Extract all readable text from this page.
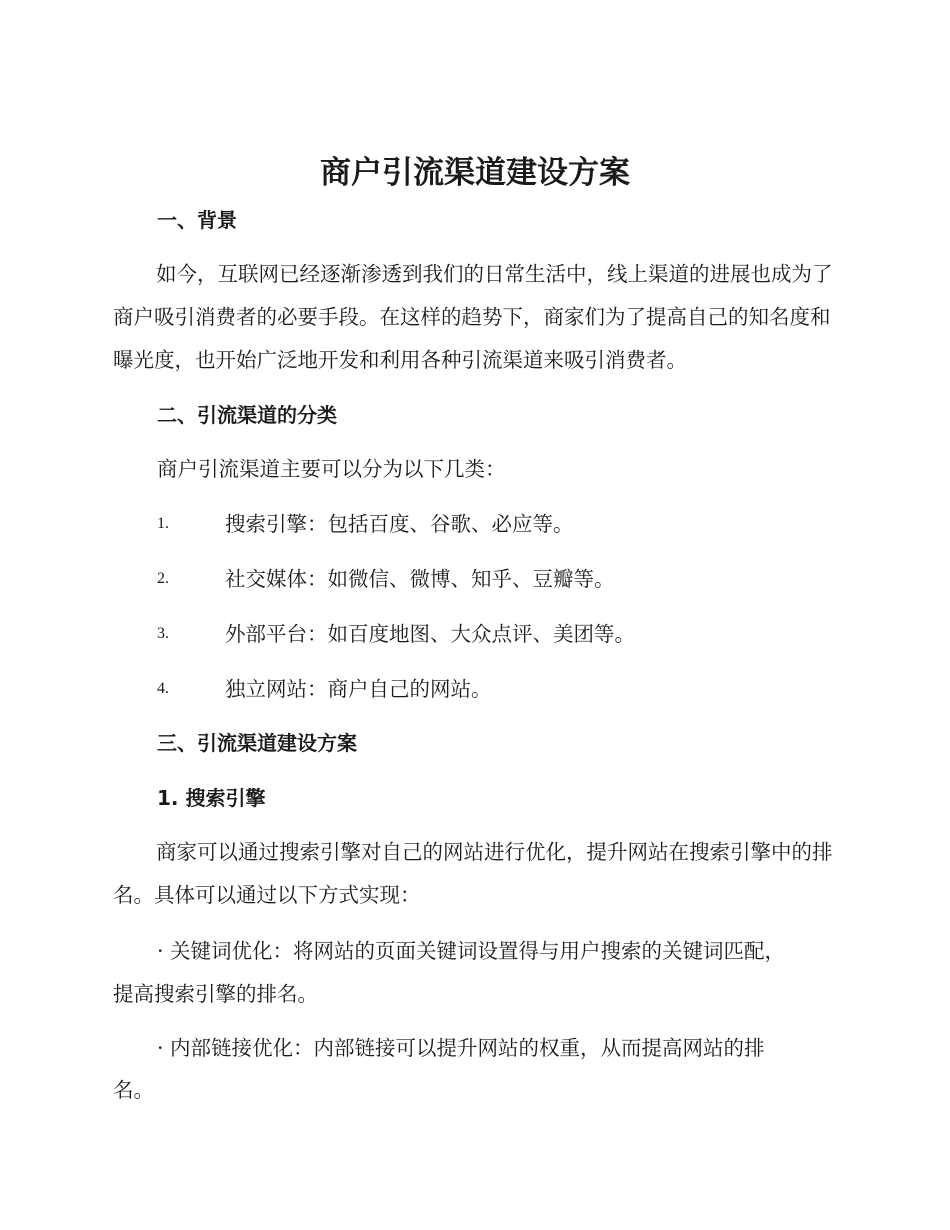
商户引流渠道建设方案
一、背景

如今，互联网已经逐渐渗透到我们的日常生活中，线上渠道的进展也成为了商户吸引消费者的必要手段。在这样的趋势下，商家们为了提高自己的知名度和曝光度，也开始广泛地开发和利用各种引流渠道来吸引消费者。

二、引流渠道的分类

商户引流渠道主要可以分为以下几类：

1.	搜索引擎：包括百度、谷歌、必应等。
2.	社交媒体：如微信、微博、知乎、豆瓣等。
3.	外部平台：如百度地图、大众点评、美团等。
4.	独立网站：商户自己的网站。
三、引流渠道建设方案
1. 搜索引擎

商家可以通过搜索引擎对自己的网站进行优化，提升网站在搜索引擎中的排名。具体可以通过以下方式实现：

· 关键词优化：将网站的页面关键词设置得与用户搜索的关键词匹配，

提高搜索引擎的排名。

· 内部链接优化：内部链接可以提升网站的权重，从而提高网站的排

名。
